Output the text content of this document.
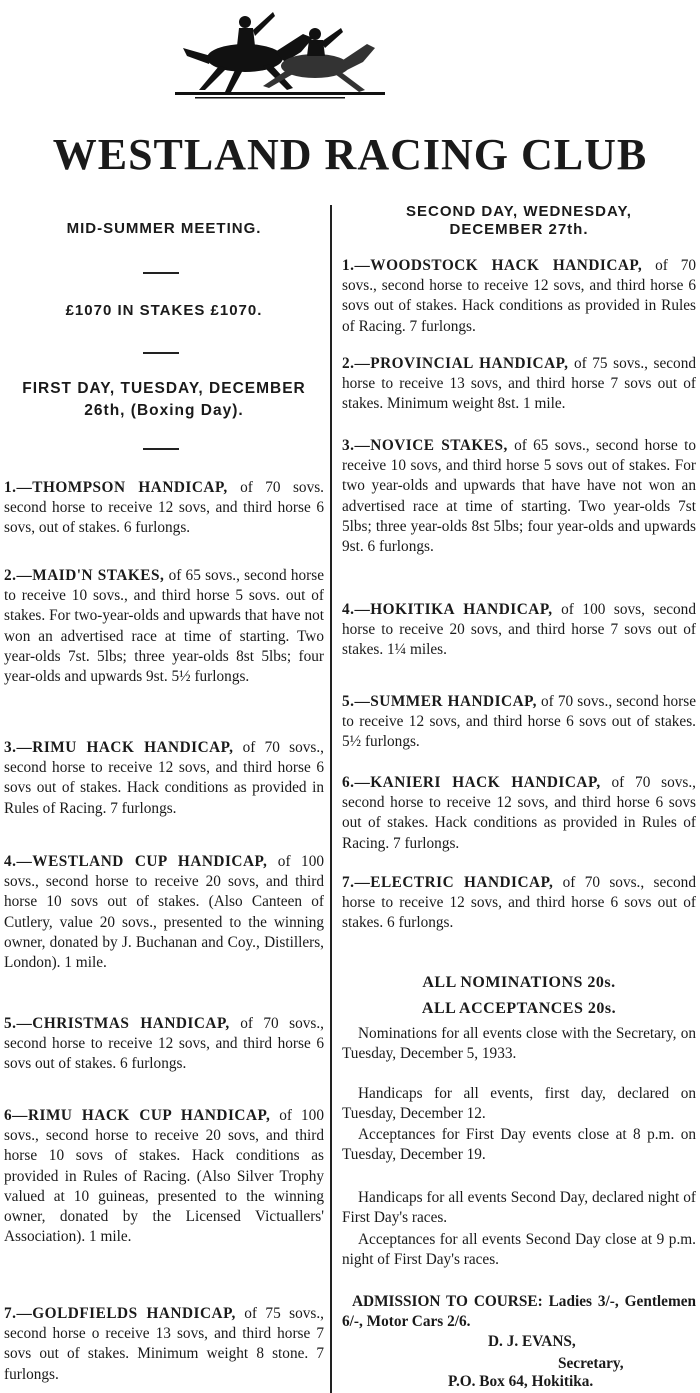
WESTLAND RACING CLUB
MID-SUMMER MEETING.
£1070 IN STAKES £1070.
FIRST DAY, TUESDAY, DECEMBER
26th, (Boxing Day).
1.—THOMPSON HANDICAP, of 70 sovs. second horse to receive 12 sovs, and third horse 6 sovs, out of stakes. 6 furlongs.
2.—MAID'N STAKES, of 65 sovs., second horse to receive 10 sovs., and third horse 5 sovs. out of stakes. For two-year-olds and upwards that have not won an advertised race at time of starting. Two year-olds 7st. 5lbs; three year-olds 8st 5lbs; four year-olds and upwards 9st. 5½ furlongs.
3.—RIMU HACK HANDICAP, of 70 sovs., second horse to receive 12 sovs, and third horse 6 sovs out of stakes. Hack conditions as provided in Rules of Racing. 7 furlongs.
4.—WESTLAND CUP HANDICAP, of 100 sovs., second horse to receive 20 sovs, and third horse 10 sovs out of stakes. (Also Canteen of Cutlery, value 20 sovs., presented to the winning owner, donated by J. Buchanan and Coy., Distillers, London). 1 mile.
5.—CHRISTMAS HANDICAP, of 70 sovs., second horse to receive 12 sovs, and third horse 6 sovs out of stakes. 6 furlongs.
6—RIMU HACK CUP HANDICAP, of 100 sovs., second horse to receive 20 sovs, and third horse 10 sovs of stakes. Hack conditions as provided in Rules of Racing. (Also Silver Trophy valued at 10 guineas, presented to the winning owner, donated by the Licensed Victuallers' Association). 1 mile.
7.—GOLDFIELDS HANDICAP, of 75 sovs., second horse o receive 13 sovs, and third horse 7 sovs out of stakes. Minimum weight 8 stone. 7 furlongs.
SECOND DAY, WEDNESDAY,
DECEMBER 27th.
1.—WOODSTOCK HACK HANDICAP, of 70 sovs., second horse to receive 12 sovs, and third horse 6 sovs out of stakes. Hack conditions as provided in Rules of Racing. 7 furlongs.
2.—PROVINCIAL HANDICAP, of 75 sovs., second horse to receive 13 sovs, and third horse 7 sovs out of stakes. Minimum weight 8st. 1 mile.
3.—NOVICE STAKES, of 65 sovs., second horse to receive 10 sovs, and third horse 5 sovs out of stakes. For two year-olds and upwards that have have not won an advertised race at time of starting. Two year-olds 7st 5lbs; three year-olds 8st 5lbs; four year-olds and upwards 9st. 6 furlongs.
4.—HOKITIKA HANDICAP, of 100 sovs, second horse to receive 20 sovs, and third horse 7 sovs out of stakes. 1¼ miles.
5.—SUMMER HANDICAP, of 70 sovs., second horse to receive 12 sovs, and third horse 6 sovs out of stakes. 5½ furlongs.
6.—KANIERI HACK HANDICAP, of 70 sovs., second horse to receive 12 sovs, and third horse 6 sovs out of stakes. Hack conditions as provided in Rules of Racing. 7 furlongs.
7.—ELECTRIC HANDICAP, of 70 sovs., second horse to receive 12 sovs, and third horse 6 sovs out of stakes. 6 furlongs.
ALL NOMINATIONS 20s.
ALL ACCEPTANCES 20s.
Nominations for all events close with the Secretary, on Tuesday, December 5, 1933.
Handicaps for all events, first day, declared on Tuesday, December 12.
Acceptances for First Day events close at 8 p.m. on Tuesday, December 19.
Handicaps for all events Second Day, declared night of First Day's races.
Acceptances for all events Second Day close at 9 p.m. night of First Day's races.
ADMISSION TO COURSE: Ladies 3/-, Gentlemen 6/-, Motor Cars 2/6.
D. J. EVANS,
Secretary,
P.O. Box 64, Hokitika.
